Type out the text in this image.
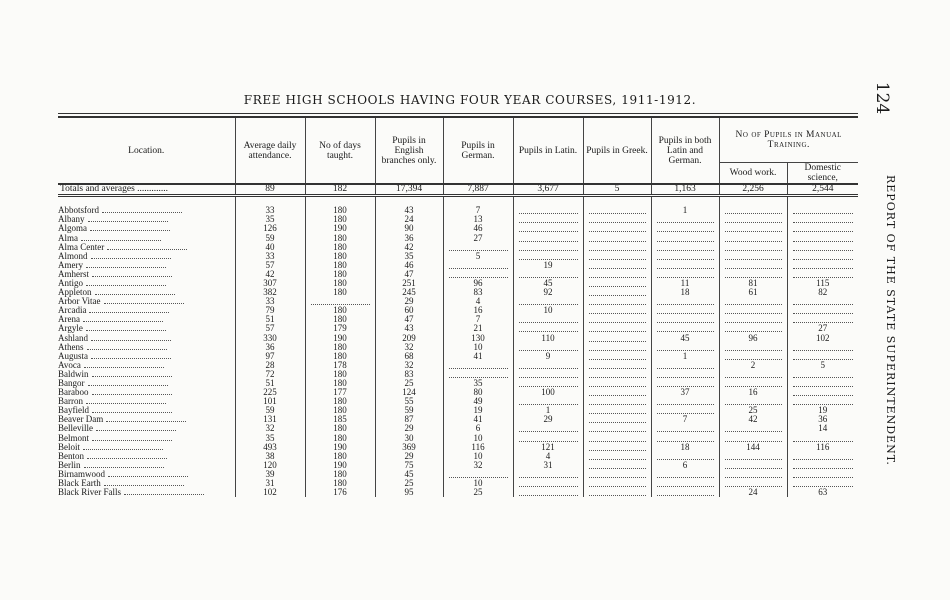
FREE HIGH SCHOOLS HAVING FOUR YEAR COURSES, 1911-1912.	124
REPORT OF THE STATE SUPERINTENDENT.
Location.	Average daily attendance.	No of days taught.	Pupils in English branches only.	Pupils in German.	Pupils in Latin.	Pupils in Greek.	Pupils in both Latin and German.	No of Pupils in Manual Training.	
								Wood work.	Domestic science,
Totals and averages .............	89	182	17,394	7,887	3,677	5	1,163	2,256	2,544

Abbotsford	33	180	43	7			1	

Albany	35	180	24	13	

Algoma	126	190	90	46	

Alma	59	180	36	27	

Alma Center	40	180	42	

Almond	33	180	35	5	

Amery	57	180	46		19	

Amherst	42	180	47	

Antigo	307	180	251	96	45		11	81	115
Appleton	382	180	245	83	92		18	61	82
Arbor Vitae	33		29	4	

Arcadia	79	180	60	16	10	

Arena	51	180	47	7	

Argyle	57	179	43	21					27
Ashland	330	190	209	130	110		45	96	102
Athens	36	180	32	10	

Augusta	97	180	68	41	9		1	

Avoca	28	178	32					2	5
Baldwin	72	180	83	

Bangor	51	180	25	35	

Baraboo	225	177	124	80	100		37	16	

Barron	101	180	55	49	

Bayfield	59	180	59	19	1			25	19
Beaver Dam	131	185	87	41	29		7	42	36
Belleville	32	180	29	6					14
Belmont	35	180	30	10	

Beloit	493	190	369	116	121		18	144	116
Benton	38	180	29	10	4	

Berlin	120	190	75	32	31		6	

Birnamwood	39	180	45	

Black Earth	31	180	25	10	

Black River Falls	102	176	95	25				24	63
